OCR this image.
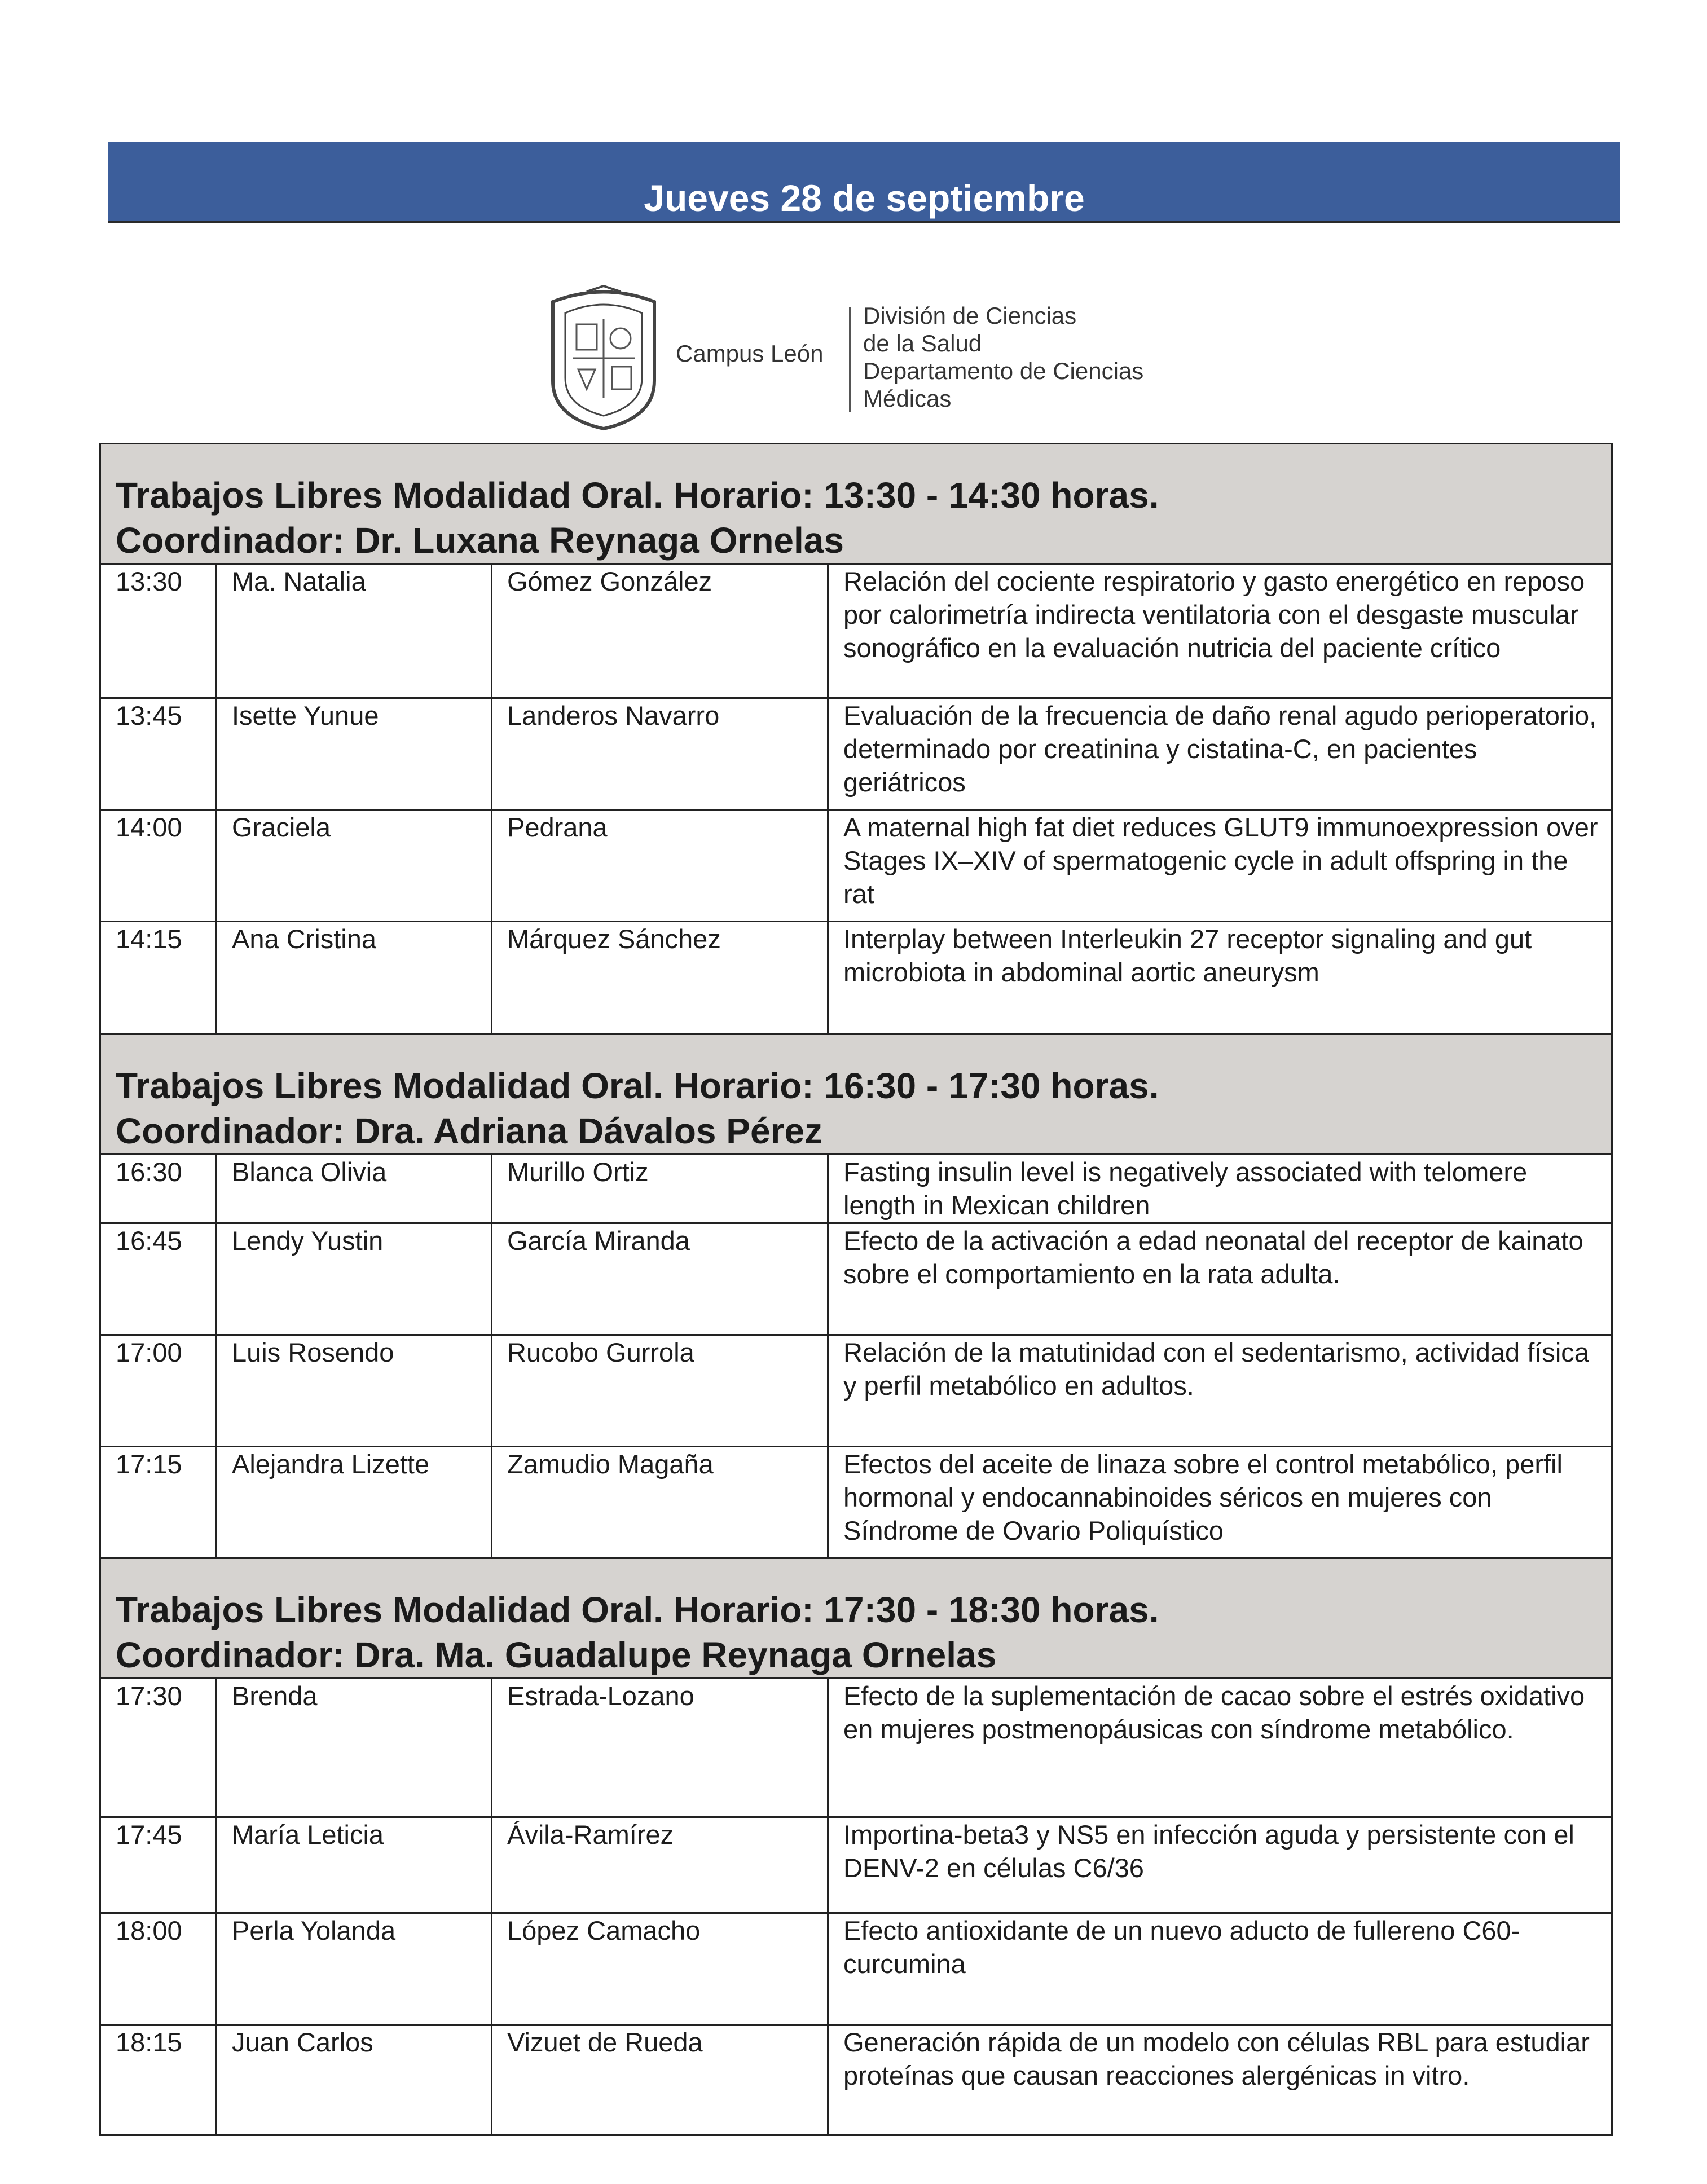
Jueves 28 de septiembre
Campus León
División de Ciencias
de la Salud
Departamento de Ciencias
Médicas
Trabajos Libres Modalidad Oral. Horario: 13:30 - 14:30 horas.
Coordinador: Dr. Luxana Reynaga Ornelas			

13:30	Ma. Natalia	Gómez González	Relación del cociente respiratorio y gasto energético en reposo por calorimetría indirecta ventilatoria con el desgaste muscular sonográfico en la evaluación nutricia del paciente crítico
13:45	Isette Yunue	Landeros Navarro	Evaluación de la frecuencia de daño renal agudo perioperatorio, determinado por creatinina y cistatina-C, en pacientes geriátricos
14:00	Graciela	Pedrana	A maternal high fat diet reduces GLUT9 immunoexpression over Stages IX–XIV of spermatogenic cycle in adult offspring in the rat
14:15	Ana Cristina	Márquez Sánchez	Interplay between Interleukin 27 receptor signaling and gut microbiota in abdominal aortic aneurysm

Trabajos Libres Modalidad Oral. Horario: 16:30 - 17:30 horas.
Coordinador: Dra. Adriana Dávalos Pérez			

16:30	Blanca Olivia	Murillo Ortiz	Fasting insulin level is negatively associated with telomere length in Mexican children
16:45	Lendy Yustin	García Miranda	Efecto de la activación a edad neonatal del receptor de kainato sobre el comportamiento en la rata adulta.
17:00	Luis Rosendo	Rucobo Gurrola	Relación de la matutinidad con el sedentarismo, actividad física y perfil metabólico en adultos.
17:15	Alejandra Lizette	Zamudio Magaña	Efectos del aceite de linaza sobre el control metabólico, perfil hormonal y endocannabinoides séricos en mujeres con Síndrome de Ovario Poliquístico

Trabajos Libres Modalidad Oral. Horario: 17:30 - 18:30 horas.
Coordinador: Dra. Ma. Guadalupe Reynaga Ornelas			

17:30	Brenda	Estrada-Lozano	Efecto de la suplementación de cacao sobre el estrés oxidativo en mujeres postmenopáusicas con síndrome metabólico.
17:45	María Leticia	Ávila-Ramírez	Importina-beta3 y NS5 en infección aguda y persistente con el DENV-2 en células C6/36
18:00	Perla Yolanda	López Camacho	Efecto antioxidante de un nuevo aducto de fullereno C60-curcumina
18:15	Juan Carlos	Vizuet de Rueda	Generación rápida de un modelo con células RBL para estudiar proteínas que causan reacciones alergénicas in vitro.
